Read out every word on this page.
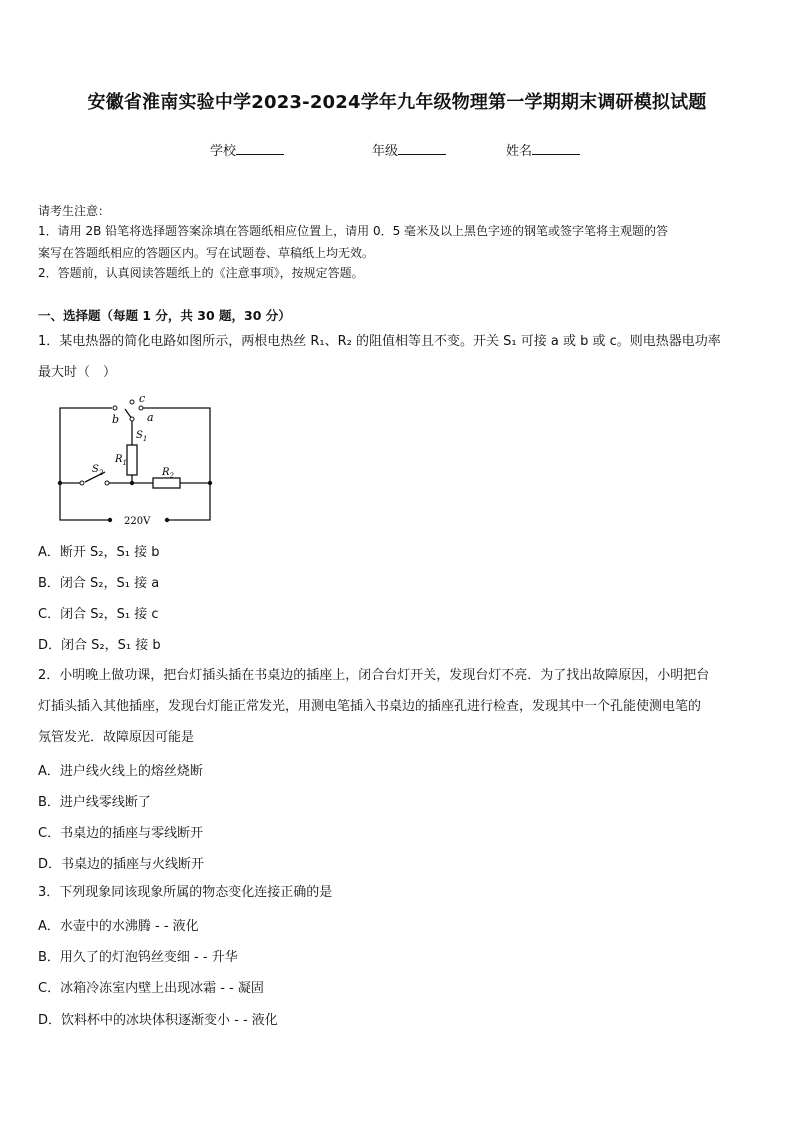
安徽省淮南实验中学2023-2024学年九年级物理第一学期期末调研模拟试题
学校	年级	姓名
请考生注意：
1．请用 2B 铅笔将选择题答案涂填在答题纸相应位置上，请用 0．5 毫米及以上黑色字迹的钢笔或签字笔将主观题的答
案写在答题纸相应的答题区内。写在试题卷、草稿纸上均无效。
2．答题前，认真阅读答题纸上的《注意事项》，按规定答题。
一、选择题（每题 1 分，共 30 题，30 分）
1．某电热器的简化电路如图所示，两根电热丝 R₁、R₂ 的阻值相等且不变。开关 S₁ 可接 a 或 b 或 c。则电热器电功率
最大时（　）
b
c
a
$S_1$
$R_1$
$S_2$	$R_2$
220V
A．断开 S₂，S₁ 接 b
B．闭合 S₂，S₁ 接 a
C．闭合 S₂，S₁ 接 c
D．闭合 S₂，S₁ 接 b
2．小明晚上做功课，把台灯插头插在书桌边的插座上，闭合台灯开关，发现台灯不亮．为了找出故障原因，小明把台
灯插头插入其他插座，发现台灯能正常发光，用测电笔插入书桌边的插座孔进行检查，发现其中一个孔能使测电笔的
氖管发光．故障原因可能是
A．进户线火线上的熔丝烧断
B．进户线零线断了
C．书桌边的插座与零线断开
D．书桌边的插座与火线断开
3．下列现象同该现象所属的物态变化连接正确的是
A．水壶中的水沸腾 - - 液化
B．用久了的灯泡钨丝变细 - - 升华
C．冰箱冷冻室内壁上出现冰霜 - - 凝固
D．饮料杯中的冰块体积逐渐变小 - - 液化
